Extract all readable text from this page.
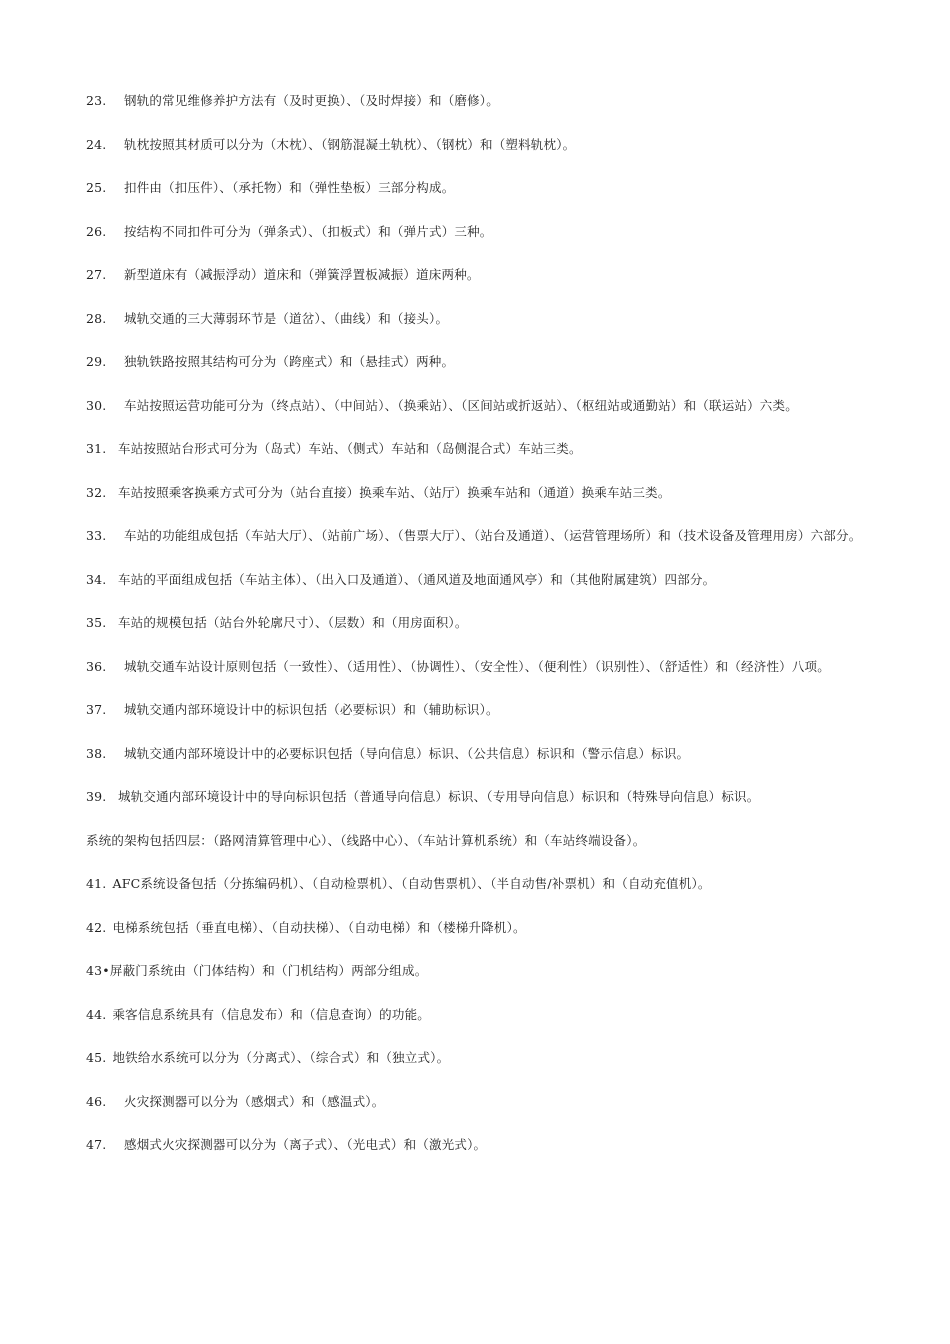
23. 钢轨的常见维修养护方法有（及时更换）、（及时焊接）和（磨修）。
24. 轨枕按照其材质可以分为（木枕）、（钢筋混凝土轨枕）、（钢枕）和（塑料轨枕）。
25. 扣件由（扣压件）、（承托物）和（弹性垫板）三部分构成。
26. 按结构不同扣件可分为（弹条式）、（扣板式）和（弹片式）三种。
27. 新型道床有（减振浮动）道床和（弹簧浮置板减振）道床两种。
28. 城轨交通的三大薄弱环节是（道岔）、（曲线）和（接头）。
29. 独轨铁路按照其结构可分为（跨座式）和（悬挂式）两种。
30. 车站按照运营功能可分为（终点站）、（中间站）、（换乘站）、（区间站或折返站）、（枢纽站或通勤站）和（联运站）六类。
31. 车站按照站台形式可分为（岛式）车站、（侧式）车站和（岛侧混合式）车站三类。
32. 车站按照乘客换乘方式可分为（站台直接）换乘车站、（站厅）换乘车站和（通道）换乘车站三类。
33. 车站的功能组成包括（车站大厅）、（站前广场）、（售票大厅）、（站台及通道）、（运营管理场所）和（技术设备及管理用房）六部分。
34. 车站的平面组成包括（车站主体）、（出入口及通道）、（通风道及地面通风亭）和（其他附属建筑）四部分。
35. 车站的规模包括（站台外轮廓尺寸）、（层数）和（用房面积）。
36. 城轨交通车站设计原则包括（一致性）、（适用性）、（协调性）、（安全性）、（便利性）（识别性）、（舒适性）和（经济性）八项。
37. 城轨交通内部环境设计中的标识包括（必要标识）和（辅助标识）。
38. 城轨交通内部环境设计中的必要标识包括（导向信息）标识、（公共信息）标识和（警示信息）标识。
39. 城轨交通内部环境设计中的导向标识包括（普通导向信息）标识、（专用导向信息）标识和（特殊导向信息）标识。
系统的架构包括四层：（路网清算管理中心）、（线路中心）、（车站计算机系统）和（车站终端设备）。
41. AFC系统设备包括（分拣编码机）、（自动检票机）、（自动售票机）、（半自动售/补票机）和（自动充值机）。
42. 电梯系统包括（垂直电梯）、（自动扶梯）、（自动电梯）和（楼梯升降机）。
43•屏蔽门系统由（门体结构）和（门机结构）两部分组成。
44. 乘客信息系统具有（信息发布）和（信息查询）的功能。
45. 地铁给水系统可以分为（分离式）、（综合式）和（独立式）。
46. 火灾探测器可以分为（感烟式）和（感温式）。
47. 感烟式火灾探测器可以分为（离子式）、（光电式）和（激光式）。
